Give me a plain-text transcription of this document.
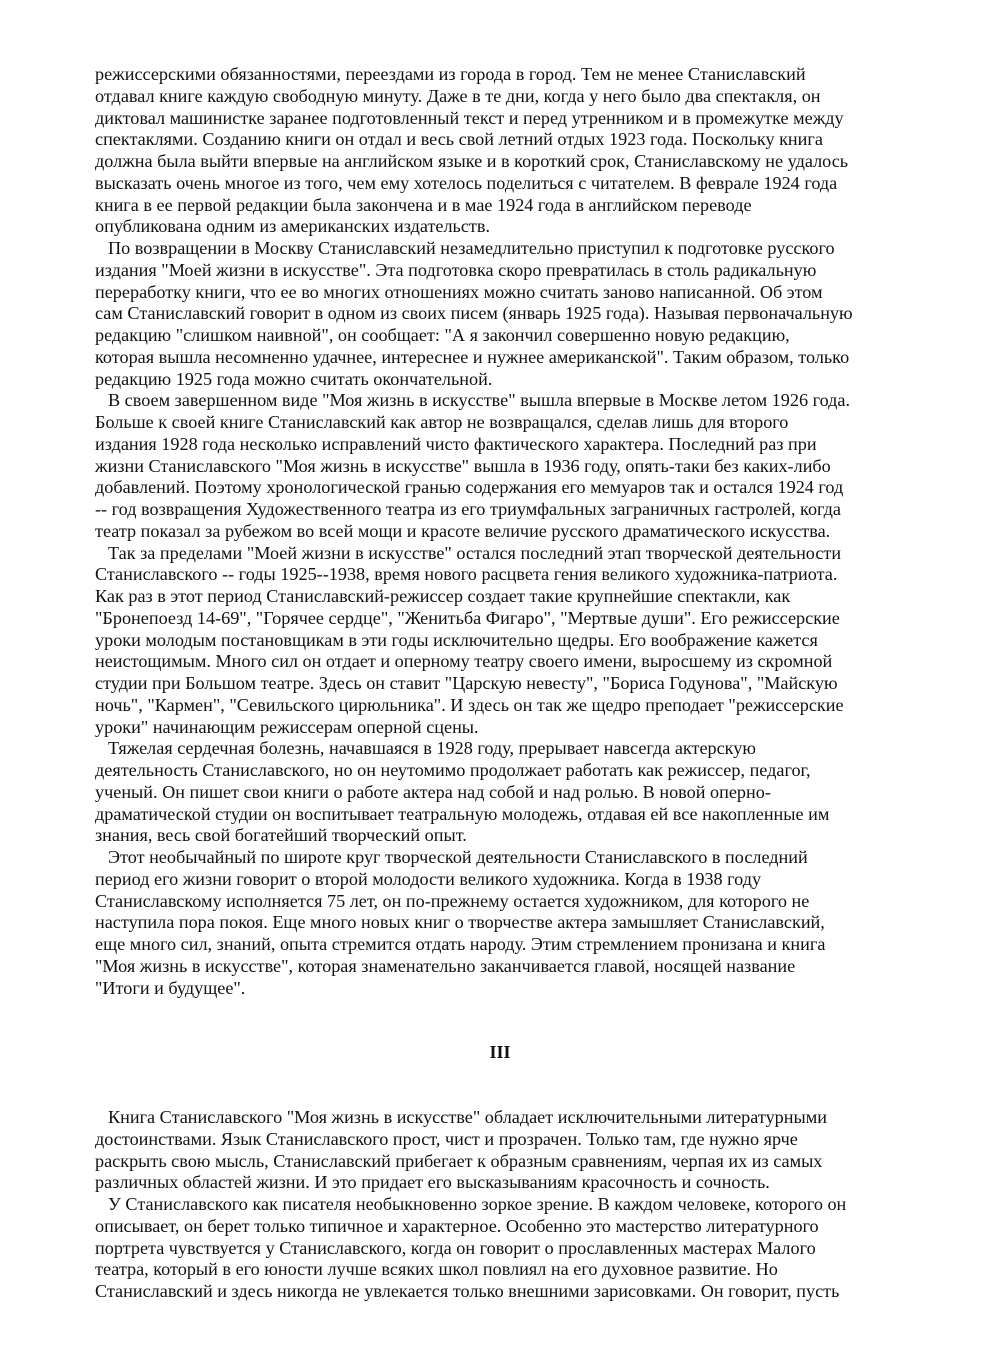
режиссерскими обязанностями, переездами из города в город. Тем не менее Станиславский
отдавал книге каждую свободную минуту. Даже в те дни, когда у него было два спектакля, он
диктовал машинистке заранее подготовленный текст и перед утренником и в промежутке между
спектаклями. Созданию книги он отдал и весь свой летний отдых 1923 года. Поскольку книга
должна была выйти впервые на английском языке и в короткий срок, Станиславскому не удалось
высказать очень многое из того, чем ему хотелось поделиться с читателем. В феврале 1924 года
книга в ее первой редакции была закончена и в мае 1924 года в английском переводе
опубликована одним из американских издательств.
По возвращении в Москву Станиславский незамедлительно приступил к подготовке русского
издания "Моей жизни в искусстве". Эта подготовка скоро превратилась в столь радикальную
переработку книги, что ее во многих отношениях можно считать заново написанной. Об этом
сам Станиславский говорит в одном из своих писем (январь 1925 года). Называя первоначальную
редакцию "слишком наивной", он сообщает: "А я закончил совершенно новую редакцию,
которая вышла несомненно удачнее, интереснее и нужнее американской". Таким образом, только
редакцию 1925 года можно считать окончательной.
В своем завершенном виде "Моя жизнь в искусстве" вышла впервые в Москве летом 1926 года.
Больше к своей книге Станиславский как автор не возвращался, сделав лишь для второго
издания 1928 года несколько исправлений чисто фактического характера. Последний раз при
жизни Станиславского "Моя жизнь в искусстве" вышла в 1936 году, опять-таки без каких-либо
добавлений. Поэтому хронологической гранью содержания его мемуаров так и остался 1924 год
-- год возвращения Художественного театра из его триумфальных заграничных гастролей, когда
театр показал за рубежом во всей мощи и красоте величие русского драматического искусства.
Так за пределами "Моей жизни в искусстве" остался последний этап творческой деятельности
Станиславского -- годы 1925--1938, время нового расцвета гения великого художника-патриота.
Как раз в этот период Станиславский-режиссер создает такие крупнейшие спектакли, как
"Бронепоезд 14-69", "Горячее сердце", "Женитьба Фигаро", "Мертвые души". Его режиссерские
уроки молодым постановщикам в эти годы исключительно щедры. Его воображение кажется
неистощимым. Много сил он отдает и оперному театру своего имени, выросшему из скромной
студии при Большом театре. Здесь он ставит "Царскую невесту", "Бориса Годунова", "Майскую
ночь", "Кармен", "Севильского цирюльника". И здесь он так же щедро преподает "режиссерские
уроки" начинающим режиссерам оперной сцены.
Тяжелая сердечная болезнь, начавшаяся в 1928 году, прерывает навсегда актерскую
деятельность Станиславского, но он неутомимо продолжает работать как режиссер, педагог,
ученый. Он пишет свои книги о работе актера над собой и над ролью. В новой оперно-
драматической студии он воспитывает театральную молодежь, отдавая ей все накопленные им
знания, весь свой богатейший творческий опыт.
Этот необычайный по широте круг творческой деятельности Станиславского в последний
период его жизни говорит о второй молодости великого художника. Когда в 1938 году
Станиславскому исполняется 75 лет, он по-прежнему остается художником, для которого не
наступила пора покоя. Еще много новых книг о творчестве актера замышляет Станиславский,
еще много сил, знаний, опыта стремится отдать народу. Этим стремлением пронизана и книга
"Моя жизнь в искусстве", которая знаменательно заканчивается главой, носящей название
"Итоги и будущее".
III
Книга Станиславского "Моя жизнь в искусстве" обладает исключительными литературными
достоинствами. Язык Станиславского прост, чист и прозрачен. Только там, где нужно ярче
раскрыть свою мысль, Станиславский прибегает к образным сравнениям, черпая их из самых
различных областей жизни. И это придает его высказываниям красочность и сочность.
У Станиславского как писателя необыкновенно зоркое зрение. В каждом человеке, которого он
описывает, он берет только типичное и характерное. Особенно это мастерство литературного
портрета чувствуется у Станиславского, когда он говорит о прославленных мастерах Малого
театра, который в его юности лучше всяких школ повлиял на его духовное развитие. Но
Станиславский и здесь никогда не увлекается только внешними зарисовками. Он говорит, пусть
